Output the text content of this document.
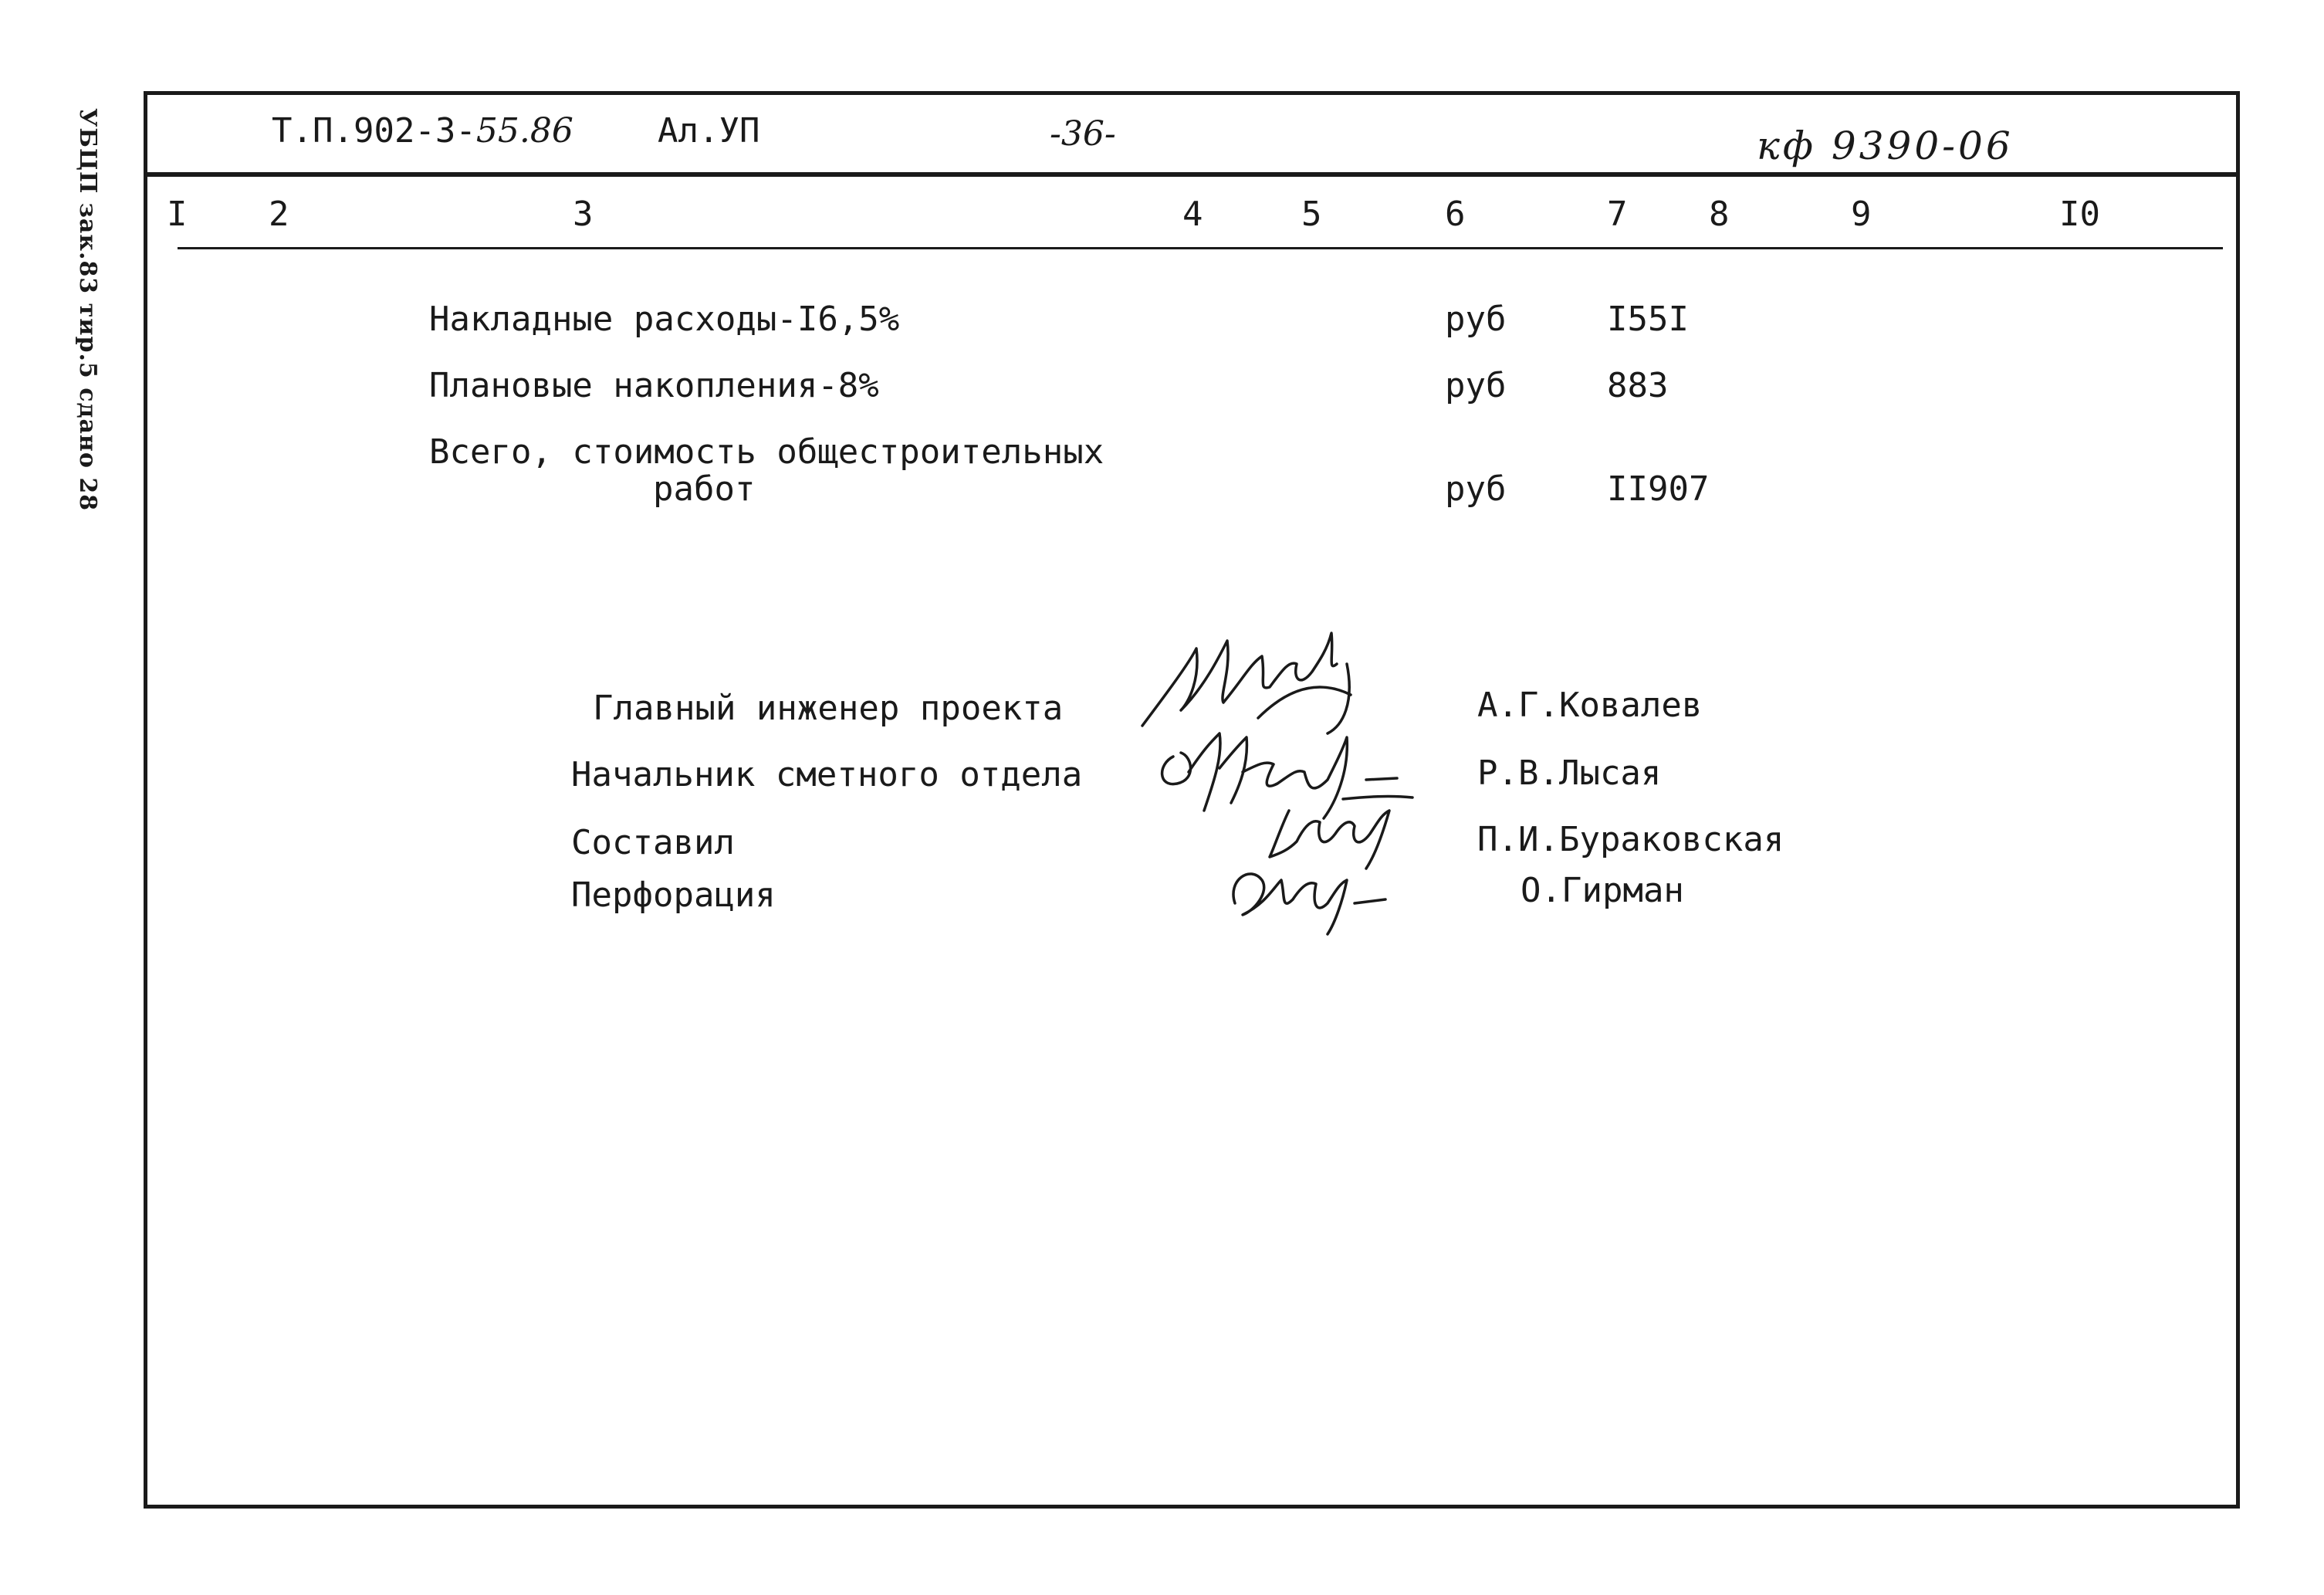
УБЦП зак.83 тир.5 сдано 28	Т.П.902-3-55.86 Ал.УП	-36-	кф 9390-06
I 2	3	4	5	6	7 8	9	I0
Накладные расходы-I6,5%	руб	I55I
Плановые накопления-8%	руб	883
Всего, стоимость общестроительных
работ	руб	II907
Главный инженер проекта	А.Г.Ковалев
Начальник сметного отдела	Р.В.Лысая
Составил	П.И.Бураковская
Перфорация	О.Гирман
